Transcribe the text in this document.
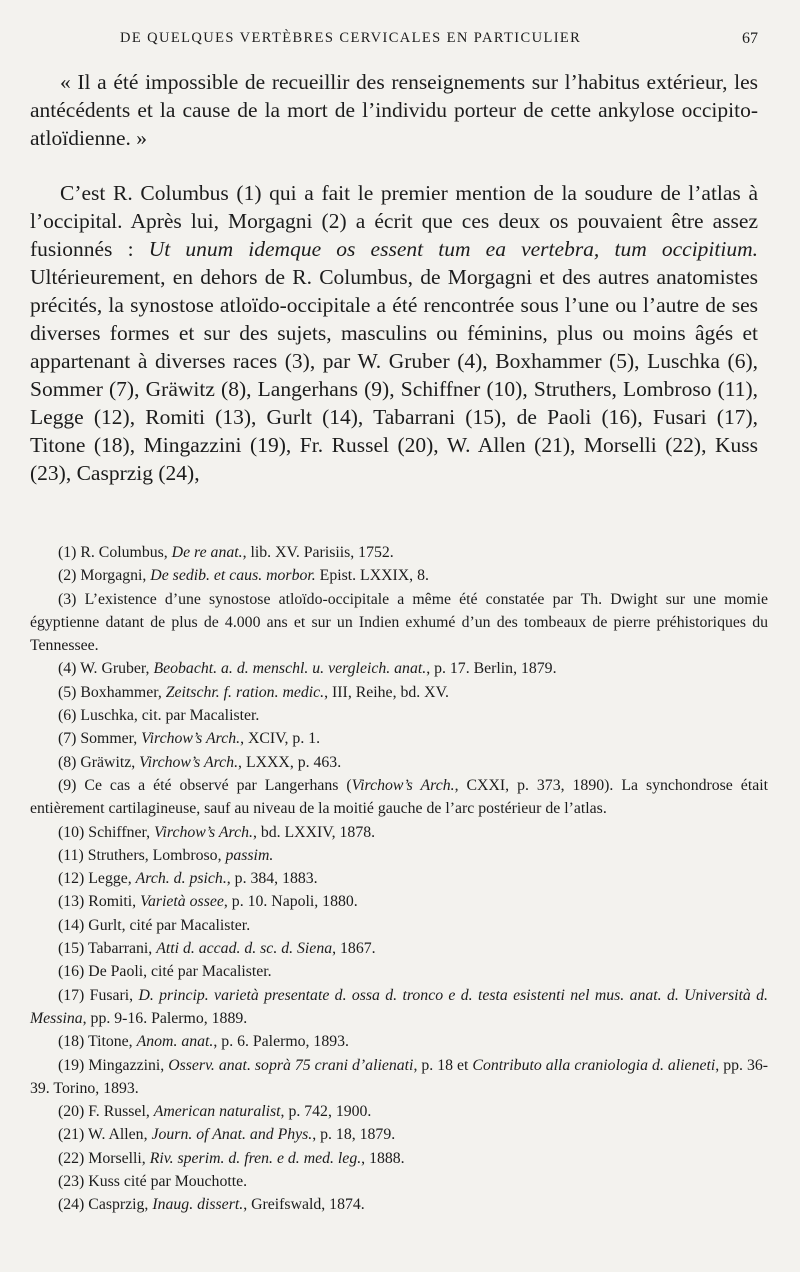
DE QUELQUES VERTÈBRES CERVICALES EN PARTICULIER	67

« Il a été impossible de recueillir des renseignements sur l’habitus extérieur, les antécédents et la cause de la mort de l’individu porteur de cette ankylose occipito-atloïdienne. »

C’est R. Columbus (1) qui a fait le premier mention de la soudure de l’atlas à l’occipital. Après lui, Morgagni (2) a écrit que ces deux os pouvaient être assez fusionnés : Ut unum idemque os essent tum ea vertebra, tum occipitium. Ultérieurement, en dehors de R. Columbus, de Morgagni et des autres anatomistes précités, la synostose atloïdo-occipitale a été rencontrée sous l’une ou l’autre de ses diverses formes et sur des sujets, masculins ou féminins, plus ou moins âgés et appartenant à diverses races (3), par W. Gruber (4), Boxhammer (5), Luschka (6), Sommer (7), Gräwitz (8), Langerhans (9), Schiffner (10), Struthers, Lombroso (11), Legge (12), Romiti (13), Gurlt (14), Tabarrani (15), de Paoli (16), Fusari (17), Titone (18), Mingazzini (19), Fr. Russel (20), W. Allen (21), Morselli (22), Kuss (23), Casprzig (24),

(1) R. Columbus, De re anat., lib. XV. Parisiis, 1752.

(2) Morgagni, De sedib. et caus. morbor. Epist. LXXIX, 8.

(3) L’existence d’une synostose atloïdo-occipitale a même été constatée par Th. Dwight sur une momie égyptienne datant de plus de 4.000 ans et sur un Indien exhumé d’un des tombeaux de pierre préhistoriques du Tennessee.

(4) W. Gruber, Beobacht. a. d. menschl. u. vergleich. anat., p. 17. Berlin, 1879.

(5) Boxhammer, Zeitschr. f. ration. medic., III, Reihe, bd. XV.

(6) Luschka, cit. par Macalister.

(7) Sommer, Virchow’s Arch., XCIV, p. 1.

(8) Gräwitz, Virchow’s Arch., LXXX, p. 463.

(9) Ce cas a été observé par Langerhans (Virchow’s Arch., CXXI, p. 373, 1890). La synchondrose était entièrement cartilagineuse, sauf au niveau de la moitié gauche de l’arc postérieur de l’atlas.

(10) Schiffner, Virchow’s Arch., bd. LXXIV, 1878.

(11) Struthers, Lombroso, passim.

(12) Legge, Arch. d. psich., p. 384, 1883.

(13) Romiti, Varietà ossee, p. 10. Napoli, 1880.

(14) Gurlt, cité par Macalister.

(15) Tabarrani, Atti d. accad. d. sc. d. Siena, 1867.

(16) De Paoli, cité par Macalister.

(17) Fusari, D. princip. varietà presentate d. ossa d. tronco e d. testa esistenti nel mus. anat. d. Università d. Messina, pp. 9-16. Palermo, 1889.

(18) Titone, Anom. anat., p. 6. Palermo, 1893.

(19) Mingazzini, Osserv. anat. soprà 75 crani d’alienati, p. 18 et Contributo alla craniologia d. alieneti, pp. 36-39. Torino, 1893.

(20) F. Russel, American naturalist, p. 742, 1900.

(21) W. Allen, Journ. of Anat. and Phys., p. 18, 1879.

(22) Morselli, Riv. sperim. d. fren. e d. med. leg., 1888.

(23) Kuss cité par Mouchotte.

(24) Casprzig, Inaug. dissert., Greifswald, 1874.
